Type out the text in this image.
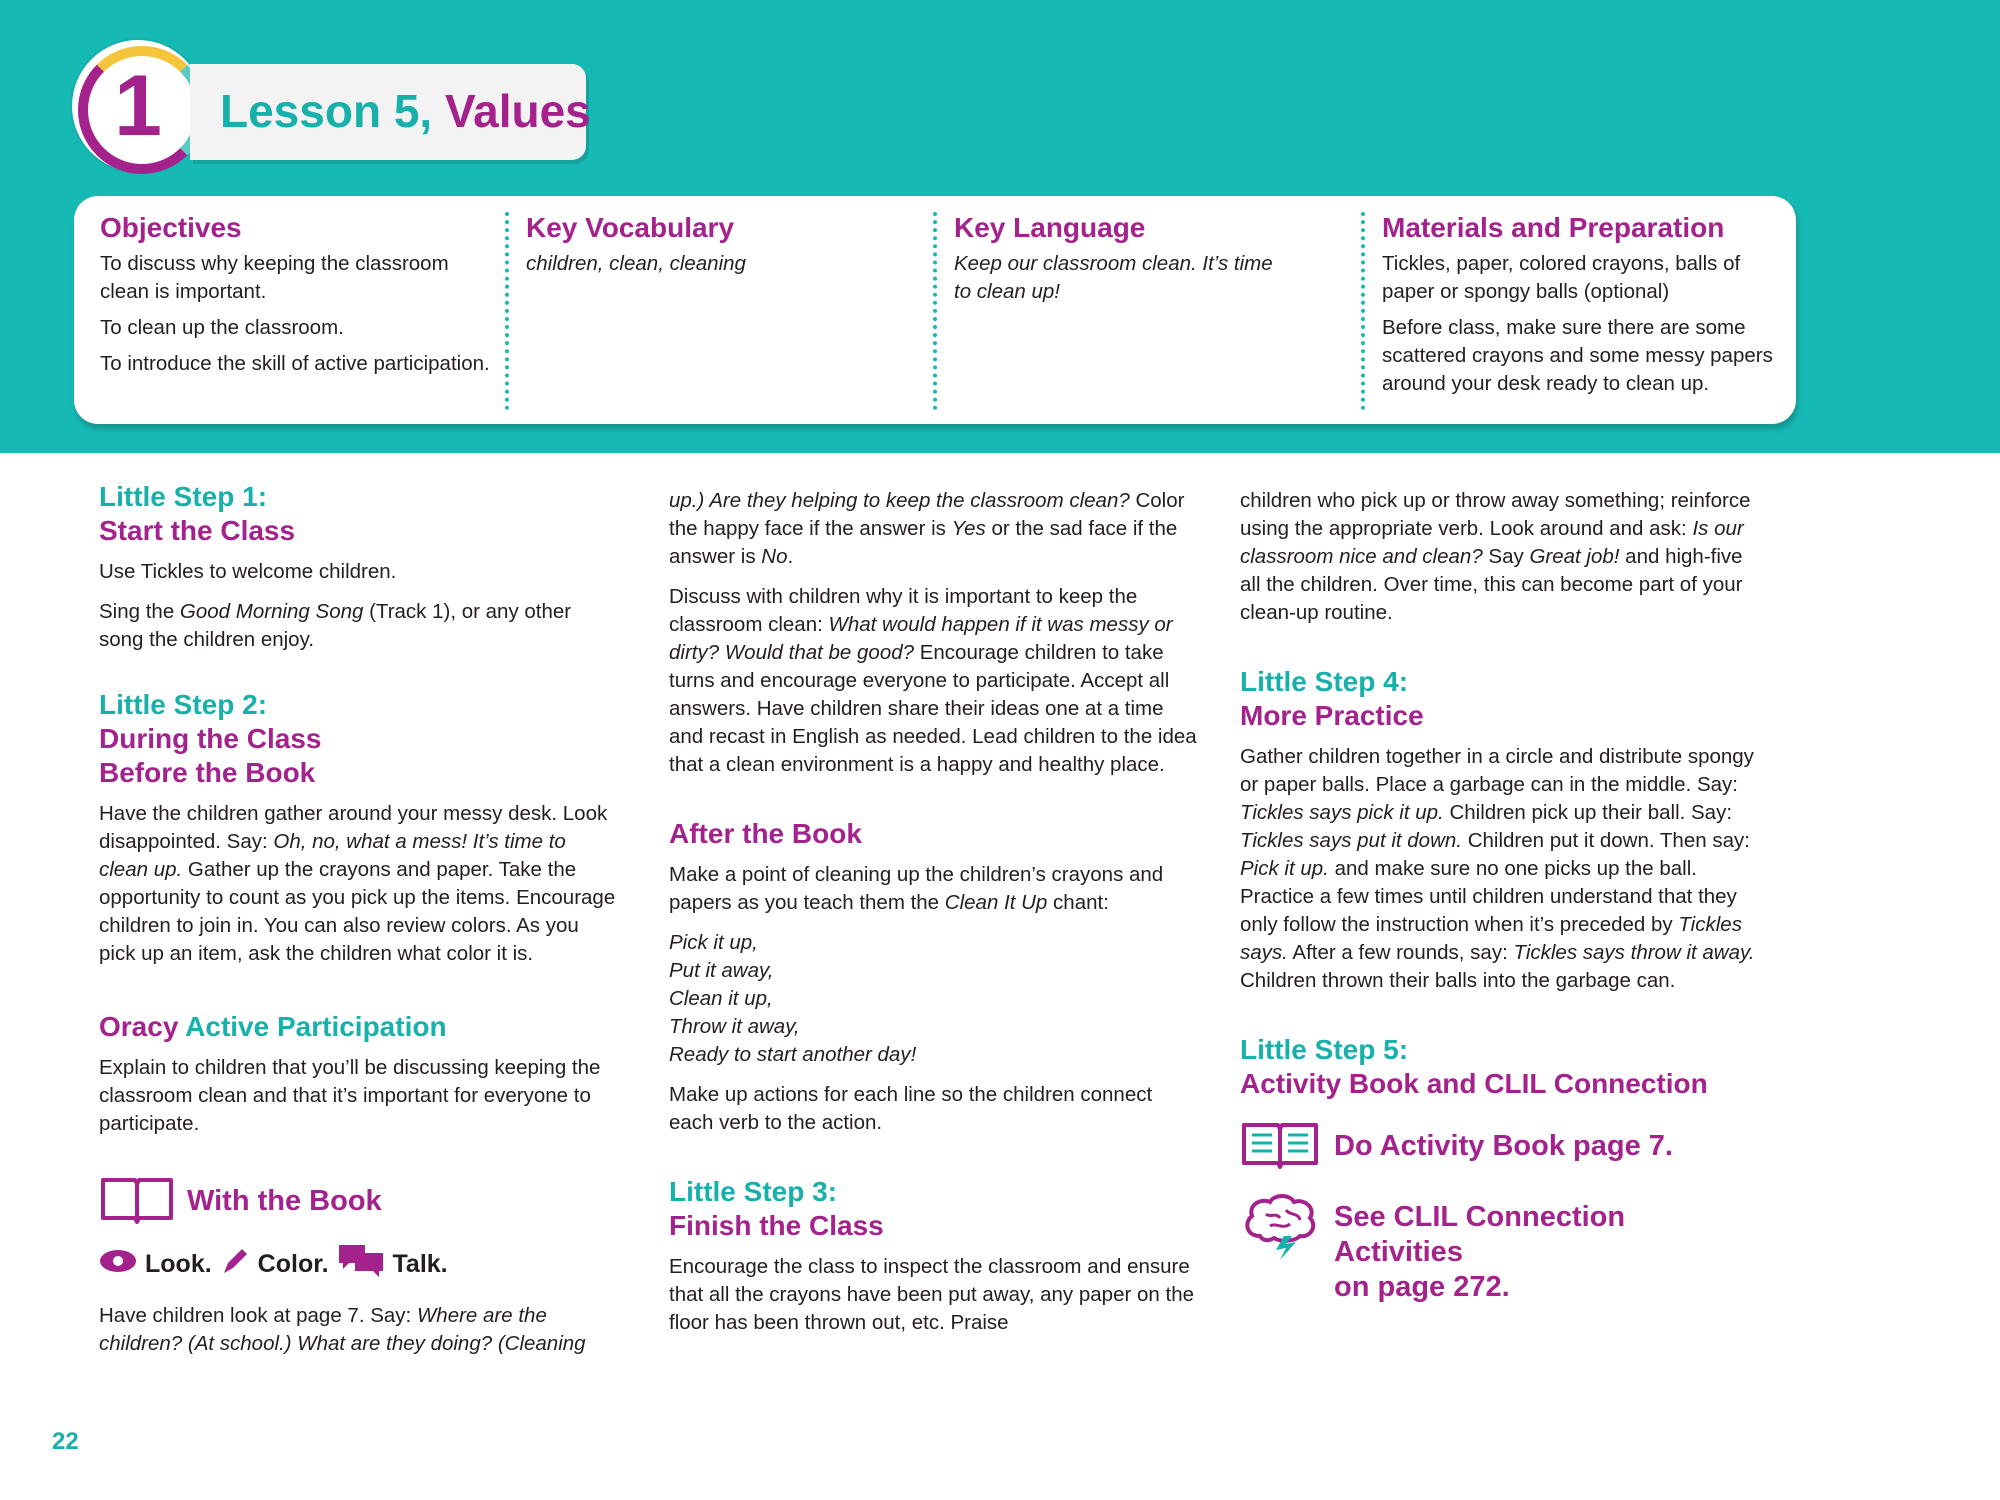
1	Lesson 5, Values
Objectives

To discuss why keeping the classroom clean is important.

To clean up the classroom.

To introduce the skill of active participation.

Key Vocabulary

children, clean, cleaning

Key Language

Keep our classroom clean. It’s time to clean up!

Materials and Preparation

Tickles, paper, colored crayons, balls of paper or spongy balls (optional)

Before class, make sure there are some scattered crayons and some messy papers around your desk ready to clean up.

Little Step 1:
Start the Class

Use Tickles to welcome children.

Sing the Good Morning Song (Track 1), or any other song the children enjoy.

Little Step 2:
During the Class
Before the Book

Have the children gather around your messy desk. Look disappointed. Say: Oh, no, what a mess! It’s time to clean up. Gather up the crayons and paper. Take the opportunity to count as you pick up the items. Encourage children to join in. You can also review colors. As you pick up an item, ask the children what color it is.

Oracy Active Participation

Explain to children that you’ll be discussing keeping the classroom clean and that it’s important for everyone to participate.

With the Book
Look. Color.	Talk.

Have children look at page 7. Say: Where are the children? (At school.) What are they doing? (Cleaning

up.) Are they helping to keep the classroom clean? Color the happy face if the answer is Yes or the sad face if the answer is No.

Discuss with children why it is important to keep the classroom clean: What would happen if it was messy or dirty? Would that be good? Encourage children to take turns and encourage everyone to participate. Accept all answers. Have children share their ideas one at a time and recast in English as needed. Lead children to the idea that a clean environment is a happy and healthy place.

After the Book

Make a point of cleaning up the children’s crayons and papers as you teach them the Clean It Up chant:

Pick it up,
Put it away,
Clean it up,
Throw it away,
Ready to start another day!

Make up actions for each line so the children connect each verb to the action.

Little Step 3:
Finish the Class

Encourage the class to inspect the classroom and ensure that all the crayons have been put away, any paper on the floor has been thrown out, etc. Praise

children who pick up or throw away something; reinforce using the appropriate verb. Look around and ask: Is our classroom nice and clean? Say Great job! and high-five all the children. Over time, this can become part of your clean-up routine.

Little Step 4:
More Practice

Gather children together in a circle and distribute spongy or paper balls. Place a garbage can in the middle. Say: Tickles says pick it up. Children pick up their ball. Say: Tickles says put it down. Children put it down. Then say: Pick it up. and make sure no one picks up the ball. Practice a few times until children understand that they only follow the instruction when it’s preceded by Tickles says. After a few rounds, say: Tickles says throw it away. Children thrown their balls into the garbage can.

Little Step 5:
Activity Book and CLIL Connection
Do Activity Book page 7.
See CLIL Connection Activities
on page 272.
22
